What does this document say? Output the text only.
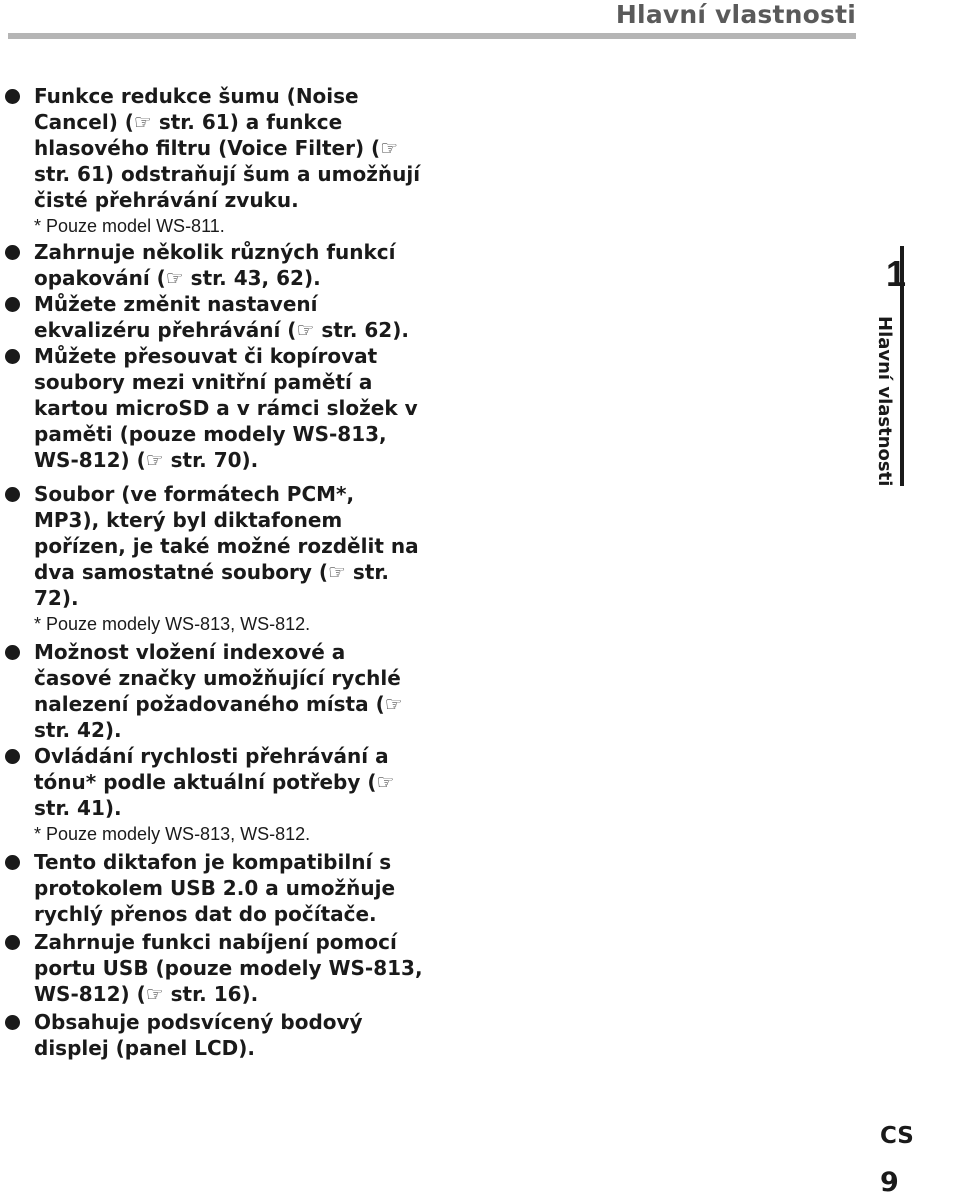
Hlavní vlastnosti
1
Hlavní vlastnosti
Funkce redukce šumu (Noise Cancel) (☞ str. 61) a funkce hlasového filtru (Voice Filter) (☞ str. 61) odstraňují šum a umožňují čisté přehrávání zvuku.
* Pouze model WS-811.
Zahrnuje několik různých funkcí opakování (☞ str. 43, 62).
Můžete změnit nastavení ekvalizéru přehrávání (☞ str. 62).
Můžete přesouvat či kopírovat soubory mezi vnitřní pamětí a kartou microSD a v rámci složek v paměti (pouze modely WS-813, WS-812) (☞ str. 70).
Soubor (ve formátech PCM*, MP3), který byl diktafonem pořízen, je také možné rozdělit na dva samostatné soubory (☞ str. 72).
* Pouze modely WS-813, WS-812.
Možnost vložení indexové a časové značky umožňující rychlé nalezení požadovaného místa (☞ str. 42).
Ovládání rychlosti přehrávání a tónu* podle aktuální potřeby (☞ str. 41).
* Pouze modely WS-813, WS-812.
Tento diktafon je kompatibilní s protokolem USB 2.0 a umožňuje rychlý přenos dat do počítače.
Zahrnuje funkci nabíjení pomocí portu USB (pouze modely WS-813, WS-812) (☞ str. 16).
Obsahuje podsvícený bodový displej (panel LCD).
CS
9
